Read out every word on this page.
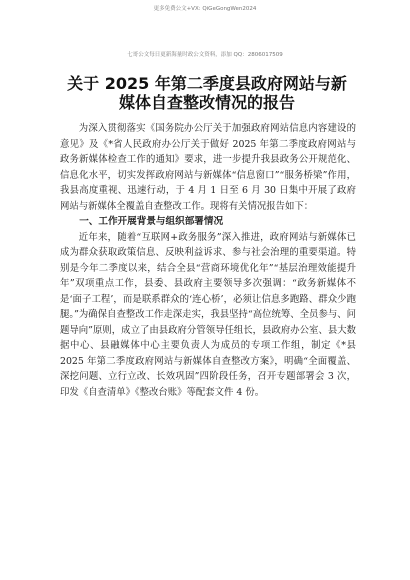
更多免费公文+VX: QiGeGongWen2024
七哥公文每日更新海量时政公文资料，添加 QQ：2806017509
关于 2025 年第二季度县政府网站与新媒体自查整改情况的报告

为深入贯彻落实《国务院办公厅关于加强政府网站信息内容建设的意见》及《*省人民政府办公厅关于做好 2025 年第二季度政府网站与政务新媒体检查工作的通知》要求，进一步提升我县政务公开规范化、信息化水平，切实发挥政府网站与新媒体“信息窗口”“服务桥梁”作用，我县高度重视、迅速行动，于 4 月 1 日至 6 月 30 日集中开展了政府网站与新媒体全覆盖自查整改工作。现将有关情况报告如下：

一、工作开展背景与组织部署情况

近年来，随着“互联网+政务服务”深入推进，政府网站与新媒体已成为群众获取政策信息、反映利益诉求、参与社会治理的重要渠道。特别是今年二季度以来，结合全县“营商环境优化年”“基层治理效能提升年”双项重点工作，县委、县政府主要领导多次强调：“政务新媒体不是‘面子工程’，而是联系群众的‘连心桥’，必须让信息多跑路、群众少跑腿。”为确保自查整改工作走深走实，我县坚持“高位统筹、全员参与、问题导向”原则，成立了由县政府分管领导任组长，县政府办公室、县大数据中心、县融媒体中心主要负责人为成员的专项工作组，制定《*县 2025 年第二季度政府网站与新媒体自查整改方案》，明确“全面覆盖、深挖问题、立行立改、长效巩固”四阶段任务，召开专题部署会 3 次，印发《自查清单》《整改台账》等配套文件 4 份。
